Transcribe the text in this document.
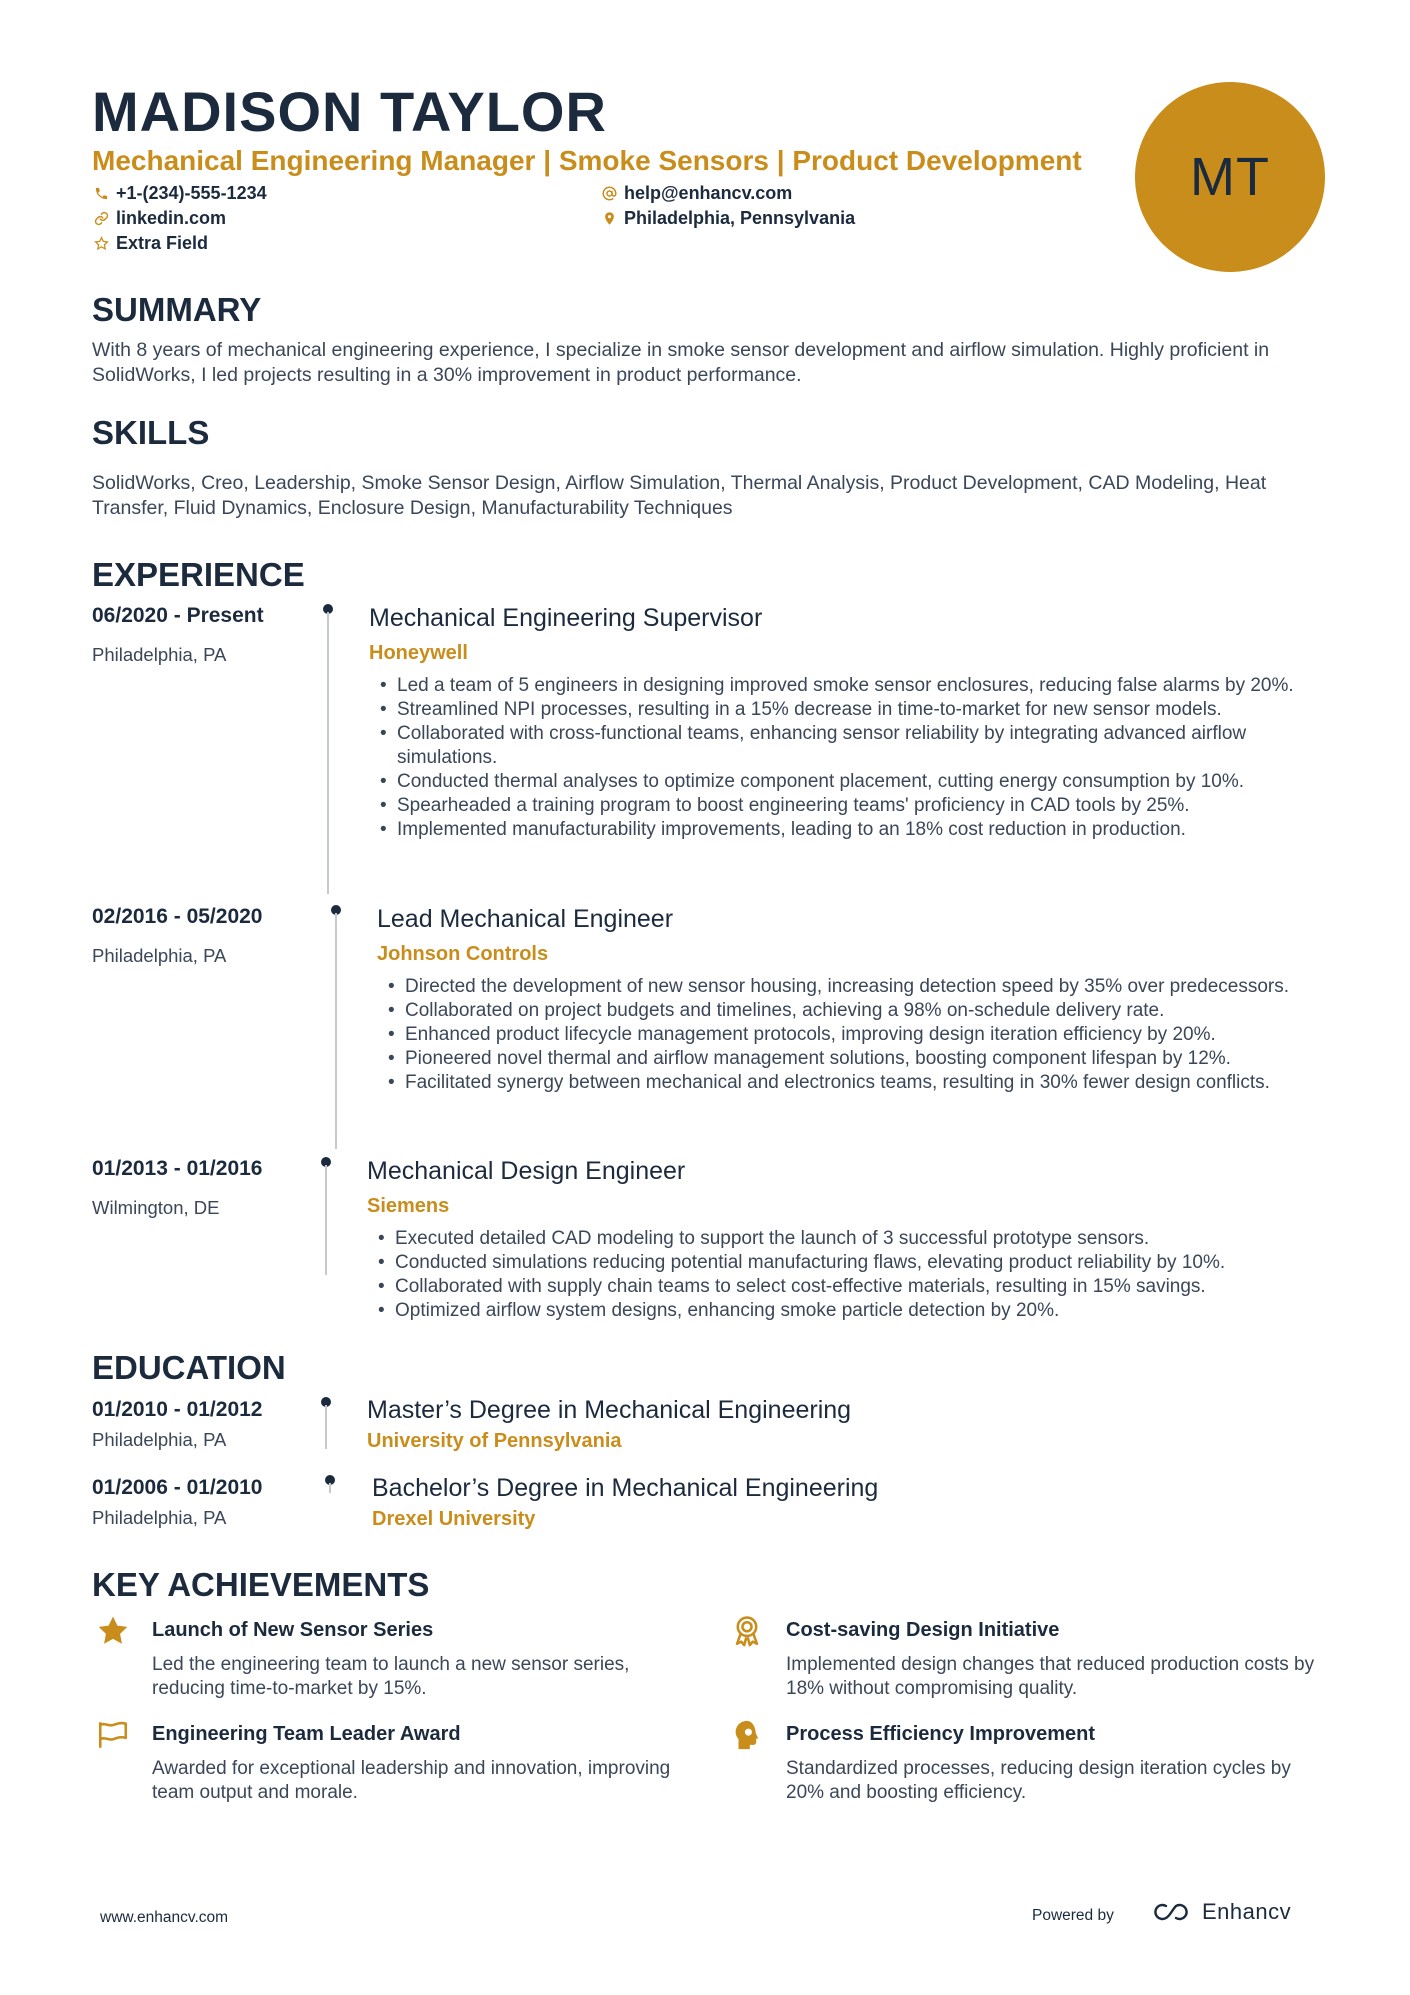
MADISON TAYLOR
Mechanical Engineering Manager | Smoke Sensors | Product Development
+1-(234)-555-1234	help@enhancv.com
linkedin.com	Philadelphia, Pennsylvania
Extra Field
MT
SUMMARY
With 8 years of mechanical engineering experience, I specialize in smoke sensor development and airflow simulation. Highly proficient in SolidWorks, I led projects resulting in a 30% improvement in product performance.
SKILLS
SolidWorks, Creo, Leadership, Smoke Sensor Design, Airflow Simulation, Thermal Analysis, Product Development, CAD Modeling, Heat Transfer, Fluid Dynamics, Enclosure Design, Manufacturability Techniques
EXPERIENCE
06/2020 - Present
Philadelphia, PA
Mechanical Engineering Supervisor
Honeywell
• Led a team of 5 engineers in designing improved smoke sensor enclosures, reducing false alarms by 20%.
• Streamlined NPI processes, resulting in a 15% decrease in time-to-market for new sensor models.
• Collaborated with cross-functional teams, enhancing sensor reliability by integrating advanced airflow simulations.
• Conducted thermal analyses to optimize component placement, cutting energy consumption by 10%.
• Spearheaded a training program to boost engineering teams' proficiency in CAD tools by 25%.
• Implemented manufacturability improvements, leading to an 18% cost reduction in production.
02/2016 - 05/2020
Philadelphia, PA
Lead Mechanical Engineer
Johnson Controls
• Directed the development of new sensor housing, increasing detection speed by 35% over predecessors.
• Collaborated on project budgets and timelines, achieving a 98% on-schedule delivery rate.
• Enhanced product lifecycle management protocols, improving design iteration efficiency by 20%.
• Pioneered novel thermal and airflow management solutions, boosting component lifespan by 12%.
• Facilitated synergy between mechanical and electronics teams, resulting in 30% fewer design conflicts.
01/2013 - 01/2016
Wilmington, DE
Mechanical Design Engineer
Siemens
• Executed detailed CAD modeling to support the launch of 3 successful prototype sensors.
• Conducted simulations reducing potential manufacturing flaws, elevating product reliability by 10%.
• Collaborated with supply chain teams to select cost-effective materials, resulting in 15% savings.
• Optimized airflow system designs, enhancing smoke particle detection by 20%.
EDUCATION
01/2010 - 01/2012
Philadelphia, PA
Master’s Degree in Mechanical Engineering
University of Pennsylvania
01/2006 - 01/2010
Philadelphia, PA
Bachelor’s Degree in Mechanical Engineering
Drexel University
KEY ACHIEVEMENTS
Launch of New Sensor Series
Led the engineering team to launch a new sensor series, reducing time-to-market by 15%.
Cost-saving Design Initiative
Implemented design changes that reduced production costs by 18% without compromising quality.
Engineering Team Leader Award
Awarded for exceptional leadership and innovation, improving team output and morale.
Process Efficiency Improvement
Standardized processes, reducing design iteration cycles by 20% and boosting efficiency.
www.enhancv.com	Powered by	Enhancv
